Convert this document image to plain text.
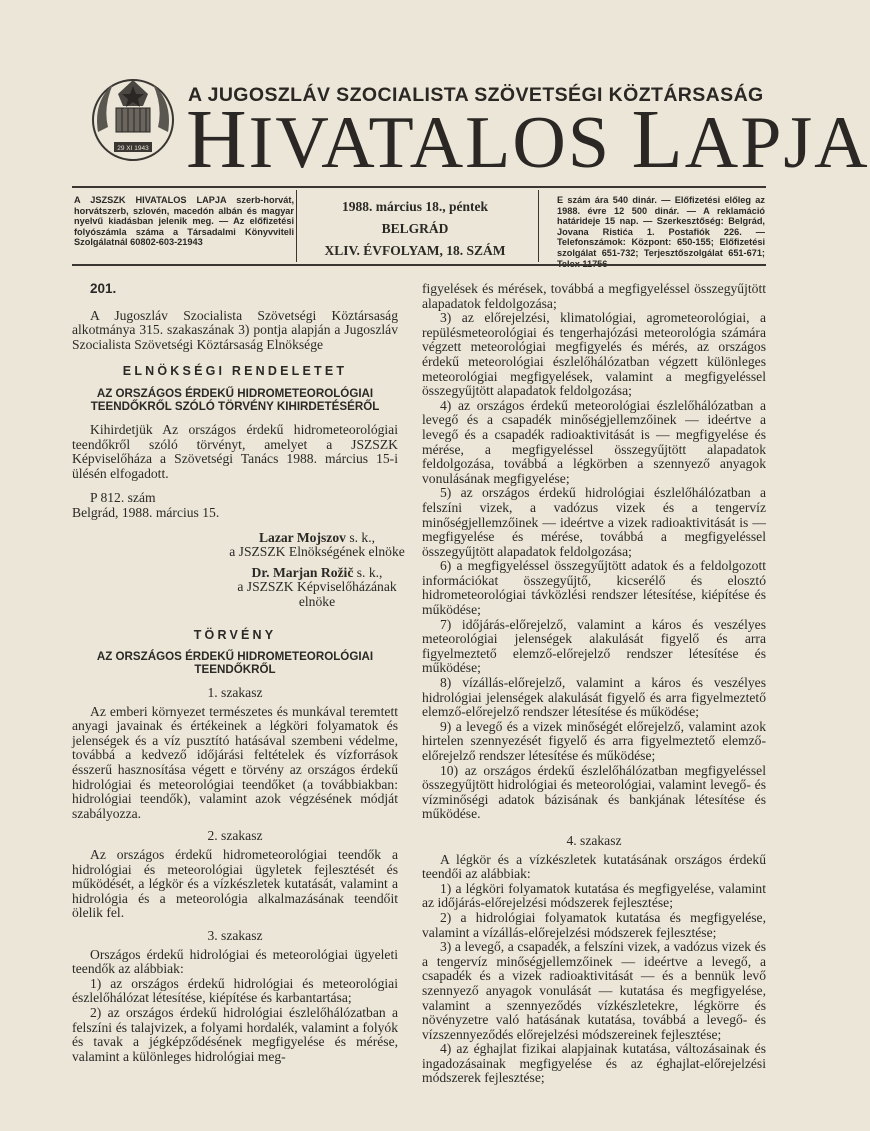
29 XI 1943
A JUGOSZLÁV SZOCIALISTA SZÖVETSÉGI KÖZTÁRSASÁG
HIVATALOS LAPJA
A JSZSZK HIVATALOS LAPJA szerb-horvát, horvátszerb, szlovén, macedón albán és magyar nyelvű kiadásban jelenik meg. — Az előfizetési folyószámla száma a Társadalmi Könyvviteli Szolgálatnál 60802-603-21943
1988. március 18., péntek
BELGRÁD
XLIV. ÉVFOLYAM, 18. SZÁM
E szám ára 540 dinár. — Előfizetési előleg az 1988. évre 12 500 dinár. — A reklamáció határideje 15 nap. — Szerkesztőség: Belgrád, Jovana Ristića 1. Postafiók 226. — Telefonszámok: Központ: 650-155; Előfizetési szolgálat 651-732; Terjesztőszolgálat 651-671;
201.

A Jugoszláv Szocialista Szövetségi Köztársaság alkotmánya 315. szakaszának 3) pontja alapján a Jugoszláv Szocialista Szövetségi Köztársaság Elnöksége

ELNÖKSÉGI RENDELETET
AZ ORSZÁGOS ÉRDEKŰ HIDROMETEOROLÓGIAI TEENDŐKRŐL SZÓLÓ TÖRVÉNY KIHIRDETÉSÉRŐL

Kihirdetjük Az országos érdekű hidrometeorológiai teendőkről szóló törvényt, amelyet a JSZSZK Képviselőháza a Szövetségi Tanács 1988. március 15-i ülésén elfogadott.

P 812. szám

Belgrád, 1988. március 15.

Lazar Mojszov s. k.,
a JSZSZK Elnökségének elnöke
Dr. Marjan Rožič s. k.,
a JSZSZK Képviselőházának elnöke
TÖRVÉNY
AZ ORSZÁGOS ÉRDEKŰ HIDROMETEOROLÓGIAI TEENDŐKRŐL
1. szakasz

Az emberi környezet természetes és munkával teremtett anyagi javainak és értékeinek a légköri folyamatok és jelenségek és a víz pusztító hatásával szembeni védelme, továbbá a kedvező időjárási feltételek és vízforrások ésszerű hasznosítása végett e törvény az országos érdekű hidrológiai és meteorológiai teendőket (a továbbiakban: hidrológiai teendők), valamint azok végzésének módját szabályozza.

2. szakasz

Az országos érdekű hidrometeorológiai teendők a hidrológiai és meteorológiai ügyletek fejlesztését és működését, a légkör és a vízkészletek kutatását, valamint a hidrológia és a meteorológia alkalmazásának teendőit ölelik fel.

3. szakasz

Országos érdekű hidrológiai és meteorológiai ügyeleti teendők az alábbiak:

1) az országos érdekű hidrológiai és meteorológiai észlelőhálózat létesítése, kiépítése és karbantartása;

2) az országos érdekű hidrológiai észlelőhálózatban a felszíni és talajvizek, a folyami hordalék, valamint a folyók és tavak a jégképződésének megfigyelése és mérése, valamint a különleges hidrológiai meg-

figyelések és mérések, továbbá a megfigyeléssel összegyűjtött alapadatok feldolgozása;

3) az előrejelzési, klimatológiai, agrometeorológiai, a repülésmeteorológiai és tengerhajózási meteorológia számára végzett meteorológiai megfigyelés és mérés, az országos érdekű meteorológiai észlelőhálózatban végzett különleges meteorológiai megfigyelések, valamint a megfigyeléssel összegyűjtött alapadatok feldolgozása;

4) az országos érdekű meteorológiai észlelőhálózatban a levegő és a csapadék minőségjellemzőinek — ideértve a levegő és a csapadék radioaktivitását is — megfigyelése és mérése, a megfigyeléssel összegyűjtött alapadatok feldolgozása, továbbá a légkörben a szennyező anyagok vonulásának megfigyelése;

5) az országos érdekű hidrológiai észlelőhálózatban a felszíni vizek, a vadózus vizek és a tengervíz minőségjellemzőinek — ideértve a vizek radioaktivitását is — megfigyelése és mérése, továbbá a megfigyeléssel összegyűjtött alapadatok feldolgozása;

6) a megfigyeléssel összegyűjtött adatok és a feldolgozott információkat összegyűjtő, kicserélő és elosztó hidrometeorológiai távközlési rendszer létesítése, kiépítése és működése;

7) időjárás-előrejelző, valamint a káros és veszélyes meteorológiai jelenségek alakulását figyelő és arra figyelmeztető elemző-előrejelző rendszer létesítése és működése;

8) vízállás-előrejelző, valamint a káros és veszélyes hidrológiai jelenségek alakulását figyelő és arra figyelmeztető elemző-előrejelző rendszer létesítése és működése;

9) a levegő és a vizek minőségét előrejelző, valamint azok hirtelen szennyezését figyelő és arra figyelmeztető elemző-előrejelző rendszer létesítése és működése;

10) az országos érdekű észlelőhálózatban megfigyeléssel összegyűjtött hidrológiai és meteorológiai, valamint levegő- és vízminőségi adatok bázisának és bankjának létesítése és működése.

4. szakasz

A légkör és a vízkészletek kutatásának országos érdekű teendői az alábbiak:

1) a légköri folyamatok kutatása és megfigyelése, valamint az időjárás-előrejelzési módszerek fejlesztése;

2) a hidrológiai folyamatok kutatása és megfigyelése, valamint a vízállás-előrejelzési módszerek fejlesztése;

3) a levegő, a csapadék, a felszíni vizek, a vadózus vizek és a tengervíz minőségjellemzőinek — ideértve a levegő, a csapadék és a vizek radioaktivitását — és a bennük levő szennyező anyagok vonulását — kutatása és megfigyelése, valamint a szennyeződés vízkészletekre, légkörre és növényzetre való hatásának kutatása, továbbá a levegő- és vízszennyeződés előrejelzési módszereinek fejlesztése;

4) az éghajlat fizikai alapjainak kutatása, változásainak és ingadozásainak megfigyelése és az éghajlat-előrejelzési módszerek fejlesztése;
